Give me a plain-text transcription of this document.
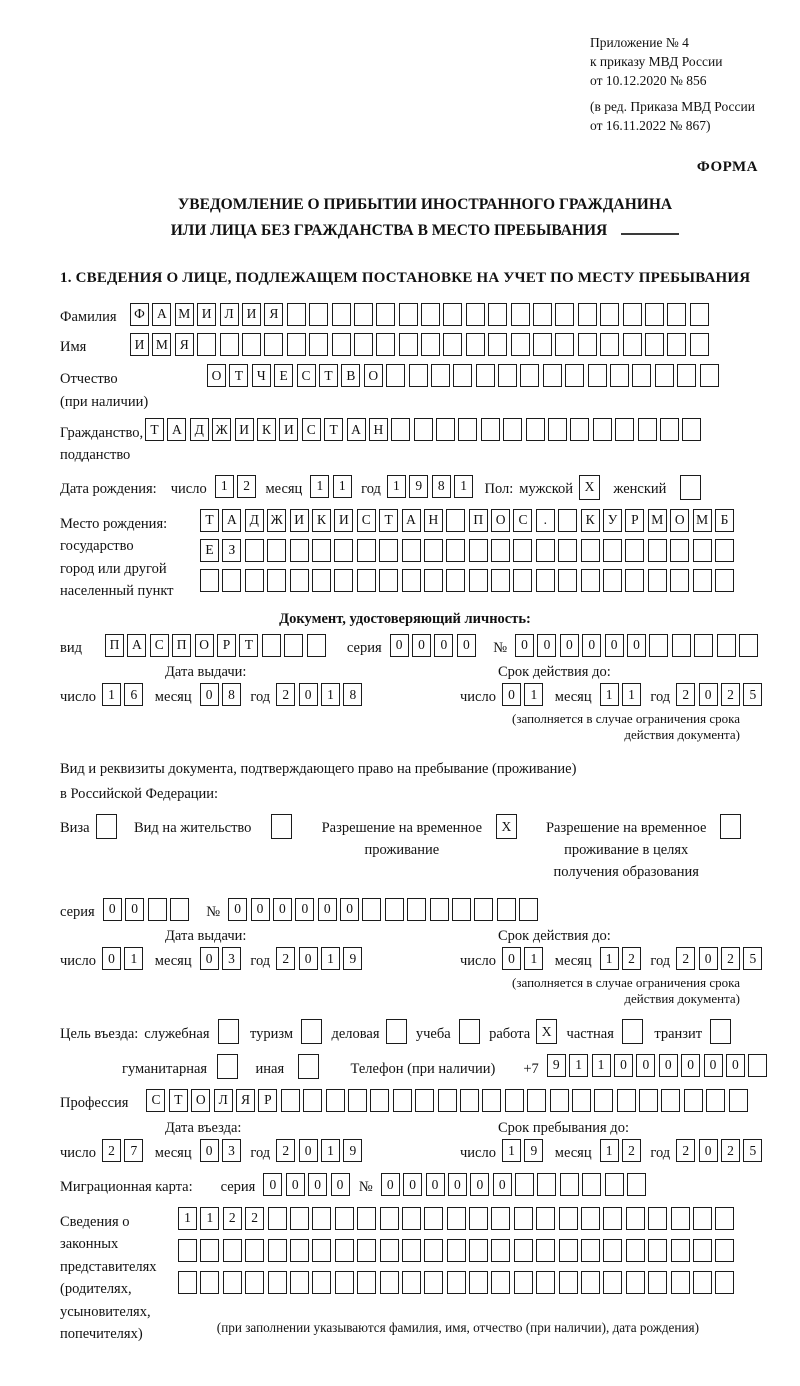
Приложение № 4
к приказу МВД России
от 10.12.2020 № 856
(в ред. Приказа МВД России
от 16.11.2022 № 867)
ФОРМА
УВЕДОМЛЕНИЕ О ПРИБЫТИИ ИНОСТРАННОГО ГРАЖДАНИНА
ИЛИ ЛИЦА БЕЗ ГРАЖДАНСТВА В МЕСТО ПРЕБЫВАНИЯ
1. СВЕДЕНИЯ О ЛИЦЕ, ПОДЛЕЖАЩЕМ ПОСТАНОВКЕ НА УЧЕТ ПО МЕСТУ ПРЕБЫВАНИЯ
Фамилия	Ф А М И Л И Я
Имя	И М Я
Отчество
(при наличии)
О Т	Ч	Е	С	Т	В О
Гражданство,
подданство
Т А Д Ж И К И С	Т А Н
Дата рождения: число	1	2	месяц	1	1	год 1	9	8	1	Пол: мужской X	женский
Место рождения:
государство
город или другой
населенный пункт
Т А Д Ж И К И С	Т А Н	П О С	.	К У	Р М О М Б
Е	З
Документ, удостоверяющий личность:
вид	П А С П О	Р	Т	серия	0	0	0	0	№	0	0	0	0	0	0
Дата выдачи:
число 1	6	месяц	0	8	год 2	0	1	8
Срок действия до:
число 0	1	месяц	1	1	год 2	0	2	5
(заполняется в случае ограничения срока действия документа)
Вид и реквизиты документа, подтверждающего право на пребывание (проживание)
в Российской Федерации:
Виза	Вид на жительство	Разрешение на временное проживание
X	Разрешение на временное проживание в целях получения образования
серия	0	0	№	0	0	0	0	0	0
Дата выдачи:
число 0	1	месяц	0	3	год 2	0	1	9
Срок действия до:
число 0	1	месяц	1	2	год 2	0	2	5
(заполняется в случае ограничения срока действия документа)
Цель въезда: служебная	туризм	деловая	учеба	работа X	частная	транзит
гуманитарная	иная	Телефон (при наличии) +7	9	1	1	0	0	0	0	0	0
Профессия	С	Т О Л Я	Р
Дата въезда:
число 2	7	месяц	0	3	год 2	0	1	9
Срок пребывания до:
число 1	9	месяц	1	2	год 2	0	2	5
Миграционная карта: серия	0	0	0	0	№	0	0	0	0	0	0
Сведения о
законных
представителях
(родителях,
усыновителях,
попечителях)
1	1	2	2
(при заполнении указываются фамилия, имя, отчество (при наличии), дата рождения)
